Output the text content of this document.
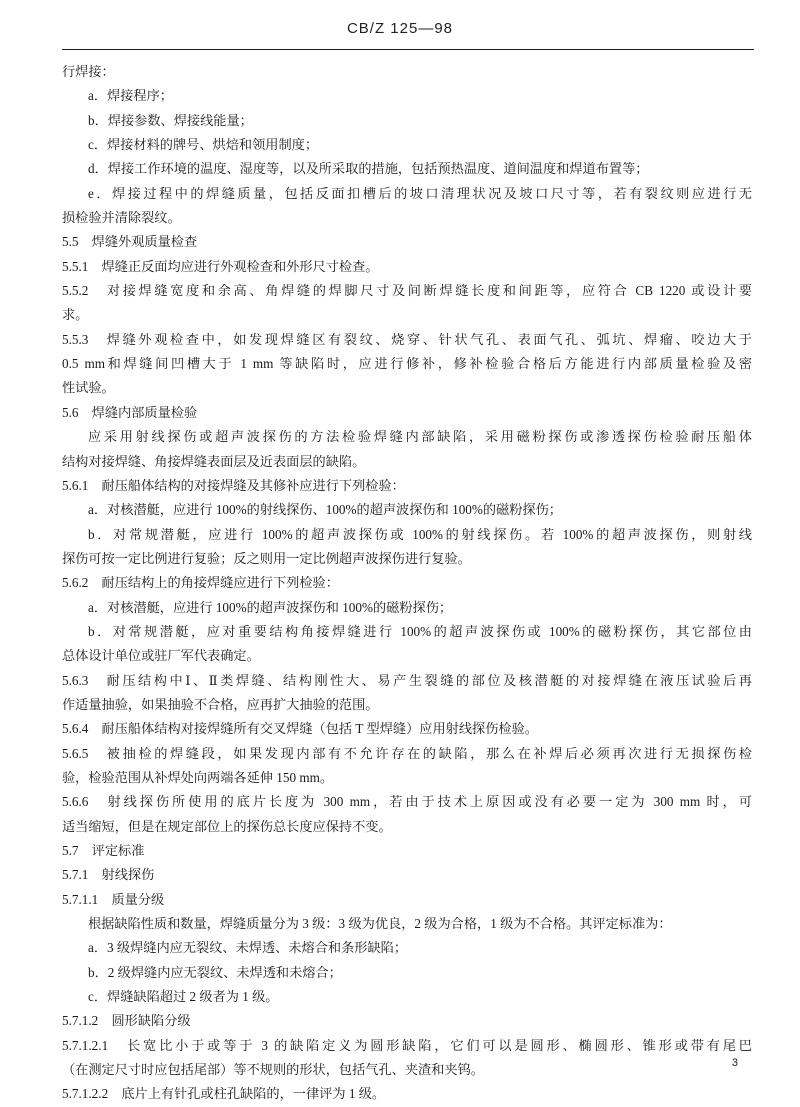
CB/Z 125—98
行焊接：
a．焊接程序；
b．焊接参数、焊接线能量；
c．焊接材料的牌号、烘焙和领用制度；
d．焊接工作环境的温度、湿度等，以及所采取的措施，包括预热温度、道间温度和焊道布置等；
e．焊接过程中的焊缝质量，包括反面扣槽后的坡口清理状况及坡口尺寸等，若有裂纹则应进行无
损检验并清除裂纹。
5.5　焊缝外观质量检查
5.5.1　焊缝正反面均应进行外观检查和外形尺寸检查。
5.5.2　对接焊缝宽度和余高、角焊缝的焊脚尺寸及间断焊缝长度和间距等，应符合 CB 1220 或设计要
求。
5.5.3　焊缝外观检查中，如发现焊缝区有裂纹、烧穿、针状气孔、表面气孔、弧坑、焊瘤、咬边大于
0.5 mm和焊缝间凹槽大于 1 mm 等缺陷时，应进行修补，修补检验合格后方能进行内部质量检验及密
性试验。
5.6　焊缝内部质量检验
应采用射线探伤或超声波探伤的方法检验焊缝内部缺陷，采用磁粉探伤或渗透探伤检验耐压船体
结构对接焊缝、角接焊缝表面层及近表面层的缺陷。
5.6.1　耐压船体结构的对接焊缝及其修补应进行下列检验：
a．对核潜艇，应进行 100%的射线探伤、100%的超声波探伤和 100%的磁粉探伤；
b．对常规潜艇，应进行 100%的超声波探伤或 100%的射线探伤。若 100%的超声波探伤，则射线
探伤可按一定比例进行复验；反之则用一定比例超声波探伤进行复验。
5.6.2　耐压结构上的角接焊缝应进行下列检验：
a．对核潜艇，应进行 100%的超声波探伤和 100%的磁粉探伤；
b．对常规潜艇，应对重要结构角接焊缝进行 100%的超声波探伤或 100%的磁粉探伤，其它部位由
总体设计单位或驻厂军代表确定。
5.6.3　耐压结构中Ⅰ、Ⅱ类焊缝、结构刚性大、易产生裂缝的部位及核潜艇的对接焊缝在液压试验后再
作适量抽验，如果抽验不合格，应再扩大抽验的范围。
5.6.4　耐压船体结构对接焊缝所有交叉焊缝（包括 T 型焊缝）应用射线探伤检验。
5.6.5　被抽检的焊缝段，如果发现内部有不允许存在的缺陷，那么在补焊后必须再次进行无损探伤检
验，检验范围从补焊处向两端各延伸 150 mm。
5.6.6　射线探伤所使用的底片长度为 300 mm，若由于技术上原因或没有必要一定为 300 mm 时，可
适当缩短，但是在规定部位上的探伤总长度应保持不变。
5.7　评定标准
5.7.1　射线探伤
5.7.1.1　质量分级
根据缺陷性质和数量，焊缝质量分为 3 级：3 级为优良，2 级为合格，1 级为不合格。其评定标准为：
a．3 级焊缝内应无裂纹、未焊透、未熔合和条形缺陷；
b．2 级焊缝内应无裂纹、未焊透和未熔合；
c．焊缝缺陷超过 2 级者为 1 级。
5.7.1.2　圆形缺陷分级
5.7.1.2.1　长宽比小于或等于 3 的缺陷定义为圆形缺陷，它们可以是圆形、椭圆形、锥形或带有尾巴
（在测定尺寸时应包括尾部）等不规则的形状，包括气孔、夹渣和夹钨。
5.7.1.2.2　底片上有针孔或柱孔缺陷的，一律评为 1 级。
3
